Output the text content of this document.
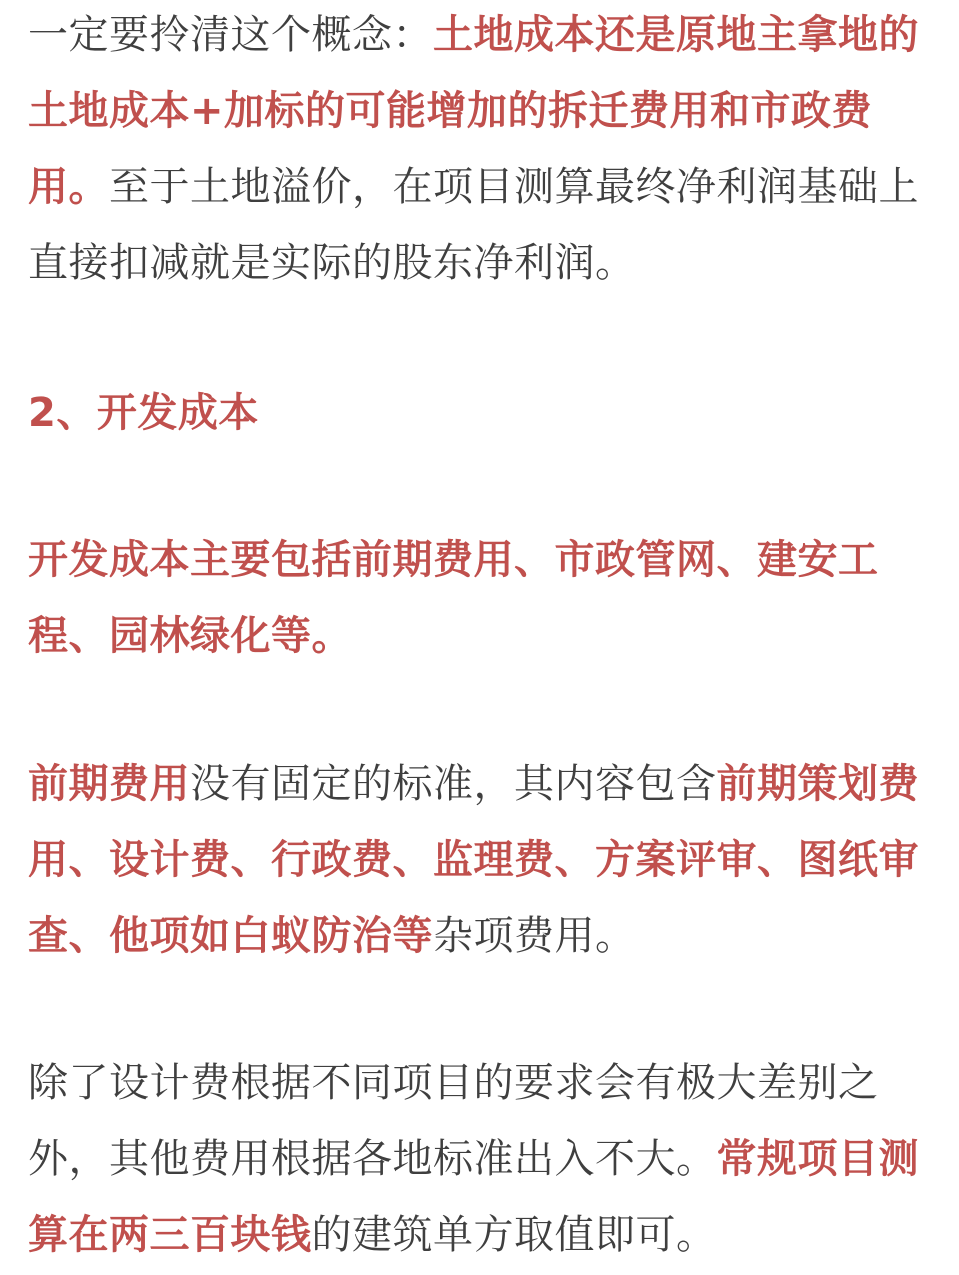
一定要拎清这个概念：土地成本还是原地主拿地的土地成本+加标的可能增加的拆迁费用和市政费用。至于土地溢价，在项目测算最终净利润基础上直接扣减就是实际的股东净利润。

2、开发成本

开发成本主要包括前期费用、市政管网、建安工程、园林绿化等。

前期费用没有固定的标准，其内容包含前期策划费用、设计费、行政费、监理费、方案评审、图纸审查、他项如白蚁防治等杂项费用。

除了设计费根据不同项目的要求会有极大差别之外，其他费用根据各地标准出入不大。常规项目测算在两三百块钱的建筑单方取值即可。
